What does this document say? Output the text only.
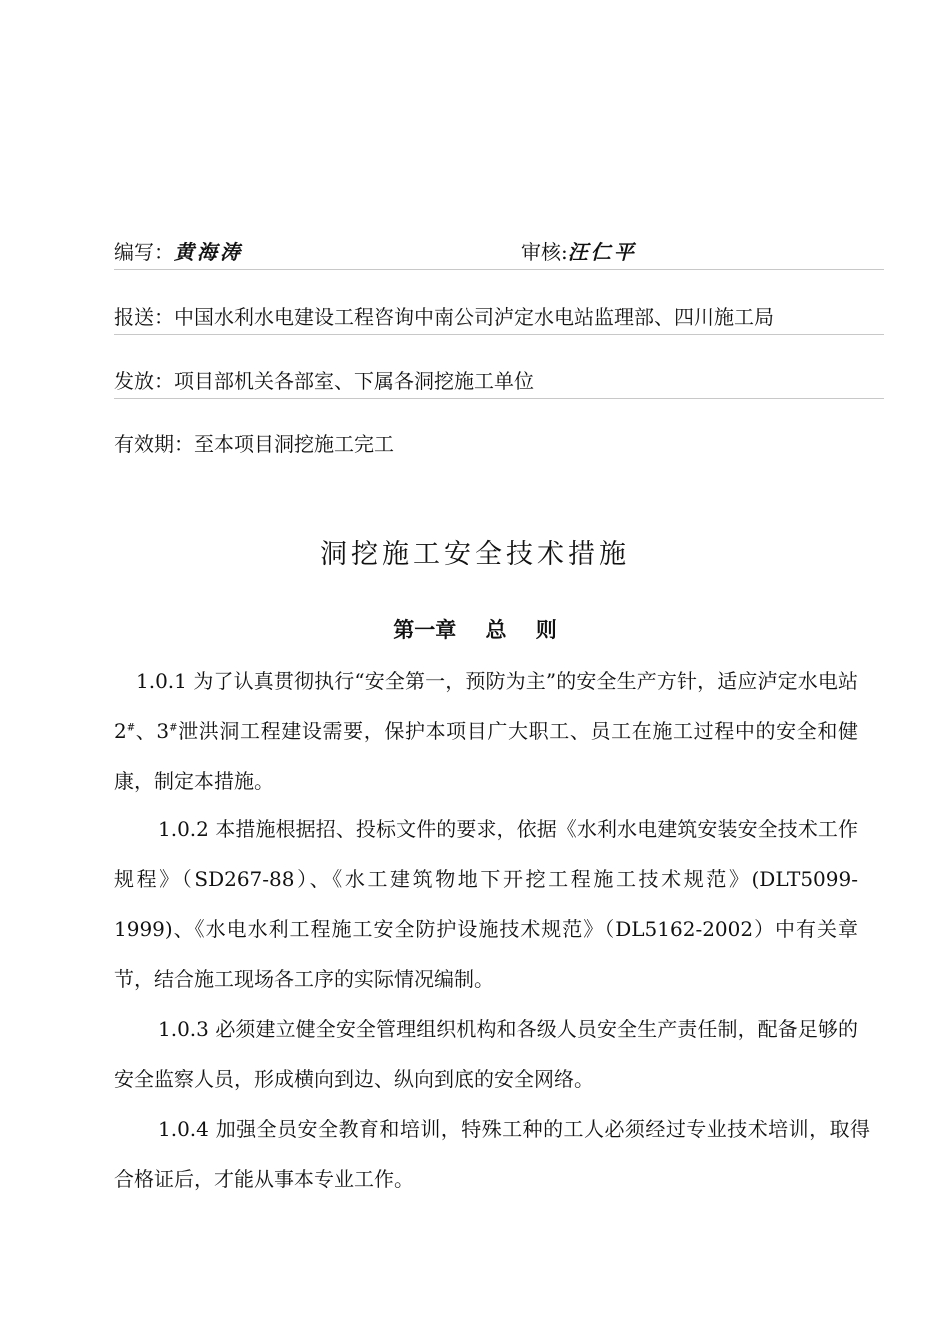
编写：黄海涛	审核:汪仁平
报送：中国水利水电建设工程咨询中南公司泸定水电站监理部、四川施工局
发放：项目部机关各部室、下属各洞挖施工单位
有效期：至本项目洞挖施工完工
洞挖施工安全技术措施
第一章    总    则

1.0.1 为了认真贯彻执行“安全第一，预防为主”的安全生产方针，适应泸定水电站 2#、3#泄洪洞工程建设需要，保护本项目广大职工、员工在施工过程中的安全和健康，制定本措施。

1.0.2 本措施根据招、投标文件的要求，依据《水利水电建筑安装安全技术工作规程》（SD267-88）、《水工建筑物地下开挖工程施工技术规范》(DLT5099-1999)、《水电水利工程施工安全防护设施技术规范》（DL5162-2002）中有关章节，结合施工现场各工序的实际情况编制。

1.0.3 必须建立健全安全管理组织机构和各级人员安全生产责任制，配备足够的安全监察人员，形成横向到边、纵向到底的安全网络。

1.0.4 加强全员安全教育和培训，特殊工种的工人必须经过专业技术培训，取得合格证后，才能从事本专业工作。
